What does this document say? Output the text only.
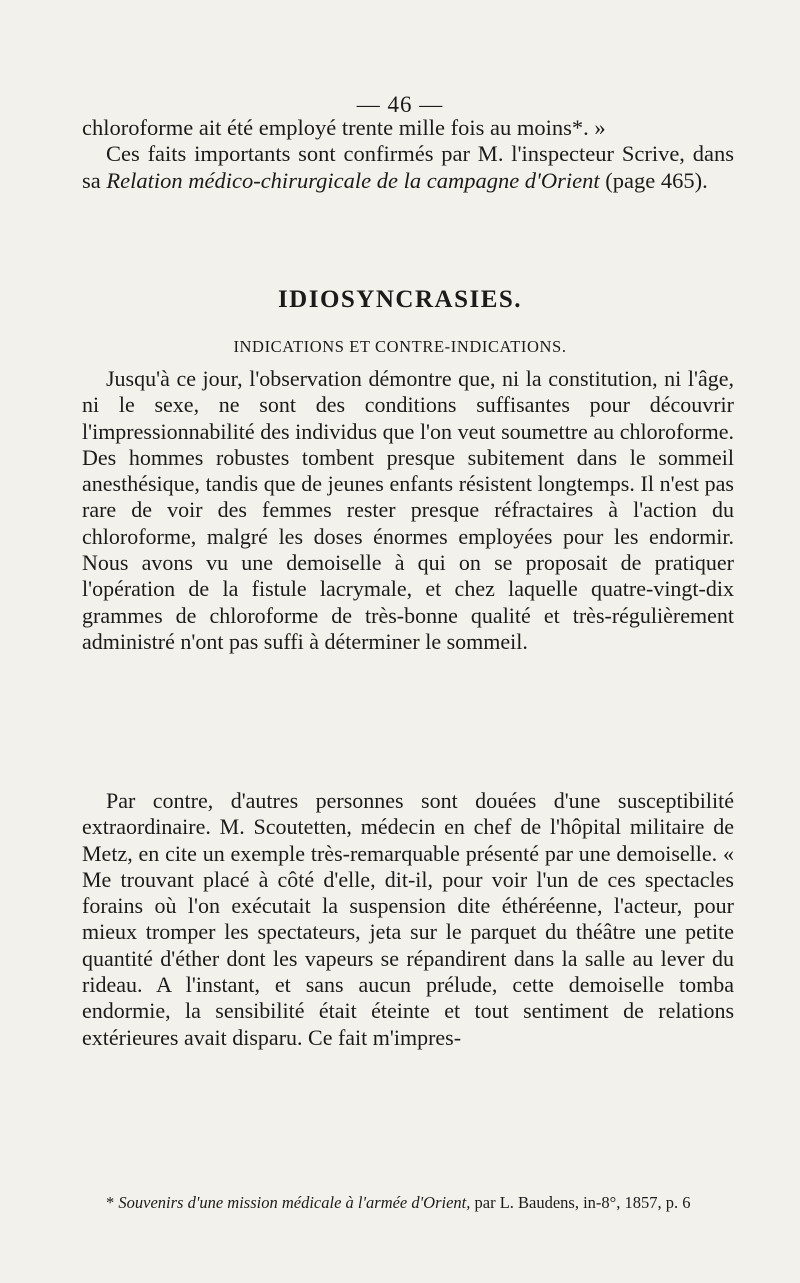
— 46 —

chloroforme ait été employé trente mille fois au moins*. »

Ces faits importants sont confirmés par M. l'inspecteur Scrive, dans sa Relation médico-chirurgicale de la campagne d'Orient (page 465).

IDIOSYNCRASIES.
INDICATIONS ET CONTRE-INDICATIONS.

Jusqu'à ce jour, l'observation démontre que, ni la constitution, ni l'âge, ni le sexe, ne sont des conditions suffisantes pour découvrir l'impressionnabilité des individus que l'on veut soumettre au chloroforme. Des hommes robustes tombent presque subitement dans le sommeil anesthésique, tandis que de jeunes enfants résistent longtemps. Il n'est pas rare de voir des femmes rester presque réfractaires à l'action du chloroforme, malgré les doses énormes employées pour les endormir. Nous avons vu une demoiselle à qui on se proposait de pratiquer l'opération de la fistule lacrymale, et chez laquelle quatre-vingt-dix grammes de chloroforme de très-bonne qualité et très-régulièrement administré n'ont pas suffi à déterminer le sommeil.

Par contre, d'autres personnes sont douées d'une susceptibilité extraordinaire. M. Scoutetten, médecin en chef de l'hôpital militaire de Metz, en cite un exemple très-remarquable présenté par une demoiselle. « Me trouvant placé à côté d'elle, dit-il, pour voir l'un de ces spectacles forains où l'on exécutait la suspension dite éthéréenne, l'acteur, pour mieux tromper les spectateurs, jeta sur le parquet du théâtre une petite quantité d'éther dont les vapeurs se répandirent dans la salle au lever du rideau. A l'instant, et sans aucun prélude, cette demoiselle tomba endormie, la sensibilité était éteinte et tout sentiment de relations extérieures avait disparu. Ce fait m'impres-

* Souvenirs d'une mission médicale à l'armée d'Orient, par L. Baudens, in-8°, 1857, p. 6
